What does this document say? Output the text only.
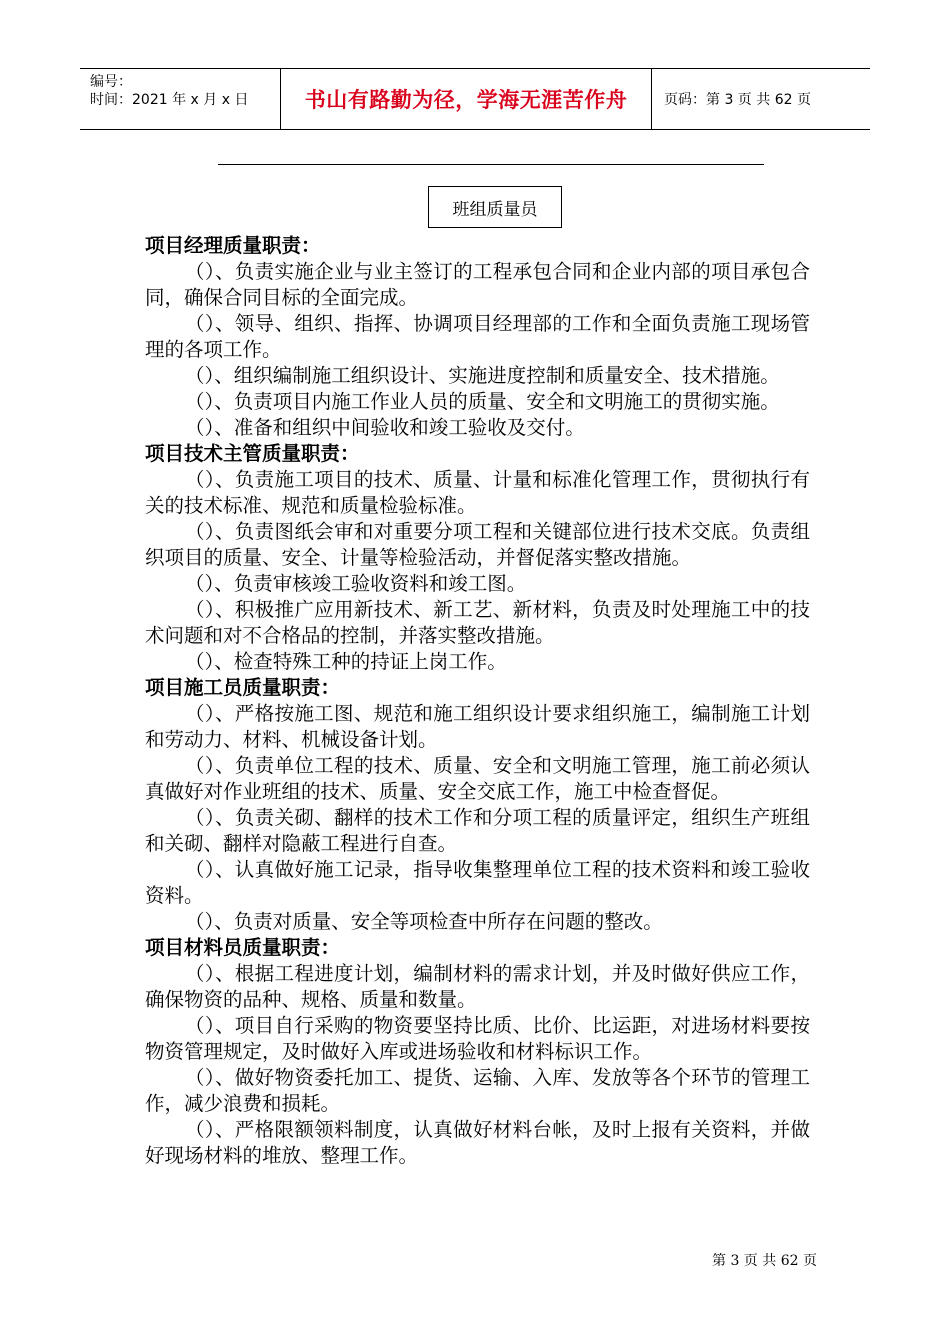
编号：
时间：2021 年 x 月 x 日	书山有路勤为径，学海无涯苦作舟	页码：第 3 页 共 62 页
班组质量员
项目经理质量职责：

（）、负责实施企业与业主签订的工程承包合同和企业内部的项目承包合同，确保合同目标的全面完成。

（）、领导、组织、指挥、协调项目经理部的工作和全面负责施工现场管理的各项工作。

（）、组织编制施工组织设计、实施进度控制和质量安全、技术措施。

（）、负责项目内施工作业人员的质量、安全和文明施工的贯彻实施。

（）、准备和组织中间验收和竣工验收及交付。

项目技术主管质量职责：

（）、负责施工项目的技术、质量、计量和标准化管理工作，贯彻执行有关的技术标准、规范和质量检验标准。

（）、负责图纸会审和对重要分项工程和关键部位进行技术交底。负责组织项目的质量、安全、计量等检验活动，并督促落实整改措施。

（）、负责审核竣工验收资料和竣工图。

（）、积极推广应用新技术、新工艺、新材料，负责及时处理施工中的技术问题和对不合格品的控制，并落实整改措施。

（）、检查特殊工种的持证上岗工作。

项目施工员质量职责：

（）、严格按施工图、规范和施工组织设计要求组织施工，编制施工计划和劳动力、材料、机械设备计划。

（）、负责单位工程的技术、质量、安全和文明施工管理，施工前必须认真做好对作业班组的技术、质量、安全交底工作，施工中检查督促。

（）、负责关砌、翻样的技术工作和分项工程的质量评定，组织生产班组和关砌、翻样对隐蔽工程进行自查。

（）、认真做好施工记录，指导收集整理单位工程的技术资料和竣工验收资料。

（）、负责对质量、安全等项检查中所存在问题的整改。

项目材料员质量职责：

（）、根据工程进度计划，编制材料的需求计划，并及时做好供应工作，确保物资的品种、规格、质量和数量。

（）、项目自行采购的物资要坚持比质、比价、比运距，对进场材料要按物资管理规定，及时做好入库或进场验收和材料标识工作。

（）、做好物资委托加工、提货、运输、入库、发放等各个环节的管理工作，减少浪费和损耗。

（）、严格限额领料制度，认真做好材料台帐，及时上报有关资料，并做好现场材料的堆放、整理工作。

第 3 页 共 62 页
